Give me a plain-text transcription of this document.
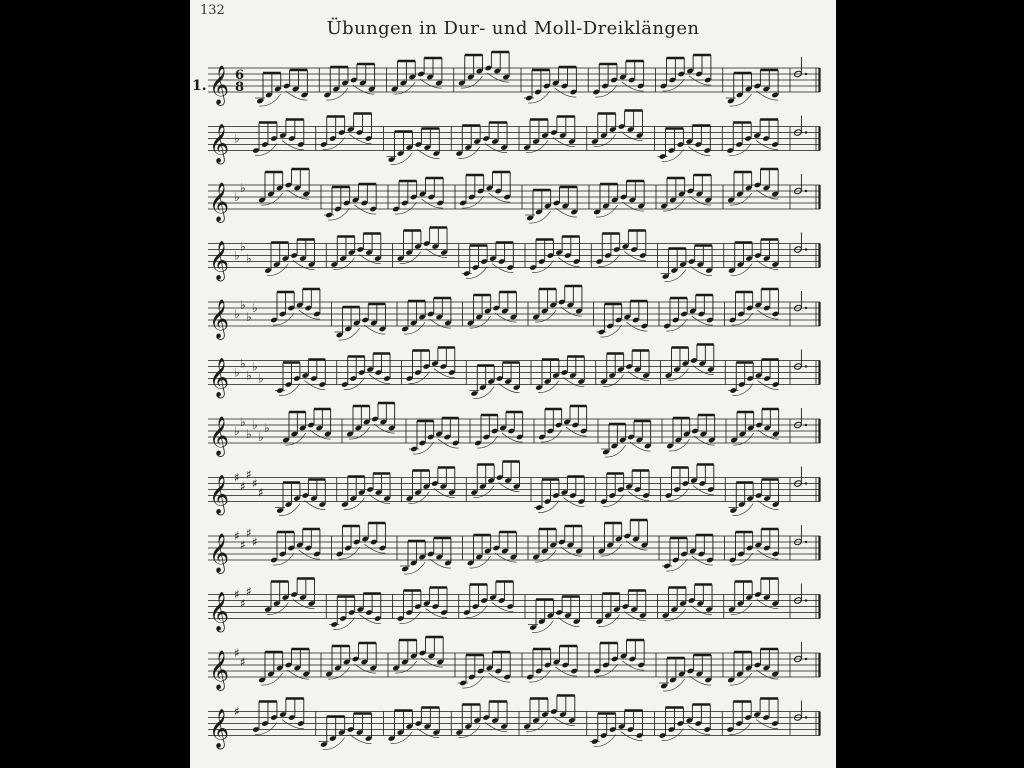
132
Übungen in Dur- und Moll-Dreiklängen
𝄞 6
8
1.
𝄞 ♭
𝄞 ♭
♭
𝄞 ♭
♭
♭
𝄞 ♭
♭
♭
♭
𝄞 ♭
♭
♭
♭
♭
𝄞 ♭
♭
♭
♭
♭
♭
𝄞 ♯
♯
♯
♯
♯
𝄞 ♯
♯
♯
♯
𝄞 ♯
♯
♯
𝄞 ♯
♯
𝄞 ♯
